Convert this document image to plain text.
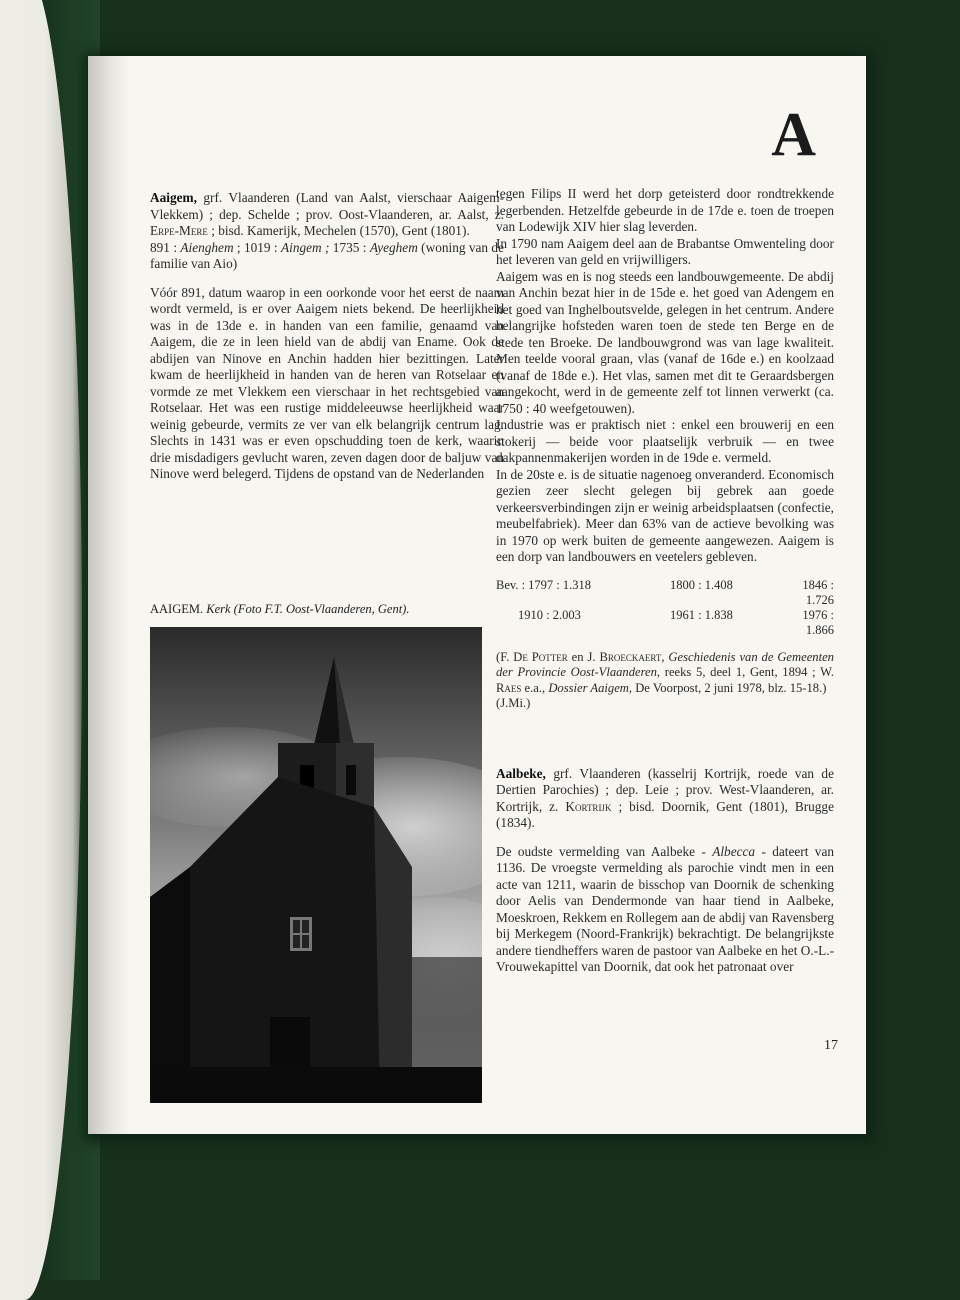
A

Aaigem, grf. Vlaanderen (Land van Aalst, vierschaar Aaigem-Vlekkem) ; dep. Schelde ; prov. Oost-Vlaanderen, ar. Aalst, z. Erpe-Mere ; bisd. Kamerijk, Mechelen (1570), Gent (1801).

891 : Aienghem ; 1019 : Aingem ; 1735 : Ayeghem (woning van de familie van Aio)

Vóór 891, datum waarop in een oorkonde voor het eerst de naam wordt vermeld, is er over Aaigem niets bekend. De heerlijkheid was in de 13de e. in handen van een familie, genaamd van Aaigem, die ze in leen hield van de abdij van Ename. Ook de abdijen van Ninove en Anchin hadden hier bezittingen. Later kwam de heerlijkheid in handen van de heren van Rotselaar en vormde ze met Vlekkem een vierschaar in het rechtsgebied van Rotselaar. Het was een rustige middeleeuwse heerlijkheid waar weinig gebeurde, vermits ze ver van elk belangrijk centrum lag. Slechts in 1431 was er even opschudding toen de kerk, waarin drie misdadigers gevlucht waren, zeven dagen door de baljuw van Ninove werd belegerd. Tijdens de opstand van de Nederlanden

AAIGEM. Kerk (Foto F.T. Oost-Vlaanderen, Gent).

tegen Filips II werd het dorp geteisterd door rondtrekkende legerbenden. Hetzelfde gebeurde in de 17de e. toen de troepen van Lodewijk XIV hier slag leverden.

In 1790 nam Aaigem deel aan de Brabantse Omwenteling door het leveren van geld en vrijwilligers.

Aaigem was en is nog steeds een landbouwgemeente. De abdij van Anchin bezat hier in de 15de e. het goed van Adengem en het goed van Inghelboutsvelde, gelegen in het centrum. Andere belangrijke hofsteden waren toen de stede ten Berge en de stede ten Broeke. De landbouwgrond was van lage kwaliteit. Men teelde vooral graan, vlas (vanaf de 16de e.) en koolzaad (vanaf de 18de e.). Het vlas, samen met dit te Geraardsbergen aangekocht, werd in de gemeente zelf tot linnen verwerkt (ca. 1750 : 40 weefgetouwen).

Industrie was er praktisch niet : enkel een brouwerij en een stokerij — beide voor plaatselijk verbruik — en twee dakpannenmakerijen worden in de 19de e. vermeld.

In de 20ste e. is de situatie nagenoeg onveranderd. Economisch gezien zeer slecht gelegen bij gebrek aan goede verkeersverbindingen zijn er weinig arbeidsplaatsen (confectie, meubelfabriek). Meer dan 63% van de actieve bevolking was in 1970 op werk buiten de gemeente aangewezen. Aaigem is een dorp van landbouwers en veetelers gebleven.

Bev. : 1797 : 1.318	1800 : 1.408	1846 : 1.726
1910 : 2.003	1961 : 1.838	1976 : 1.866

(F. De Potter en J. Broeckaert, Geschiedenis van de Gemeenten der Provincie Oost-Vlaanderen, reeks 5, deel 1, Gent, 1894 ; W. Raes e.a., Dossier Aaigem, De Voorpost, 2 juni 1978, blz. 15-18.)

(J.Mi.)

Aalbeke, grf. Vlaanderen (kasselrij Kortrijk, roede van de Dertien Parochies) ; dep. Leie ; prov. West-Vlaanderen, ar. Kortrijk, z. Kortrijk ; bisd. Doornik, Gent (1801), Brugge (1834).

De oudste vermelding van Aalbeke - Albecca - dateert van 1136. De vroegste vermelding als parochie vindt men in een acte van 1211, waarin de bisschop van Doornik de schenking door Aelis van Dendermonde van haar tiend in Aalbeke, Moeskroen, Rekkem en Rollegem aan de abdij van Ravensberg bij Merkegem (Noord-Frankrijk) bekrachtigt. De belangrijkste andere tiendheffers waren de pastoor van Aalbeke en het O.-L.-Vrouwekapittel van Doornik, dat ook het patronaat over

17
